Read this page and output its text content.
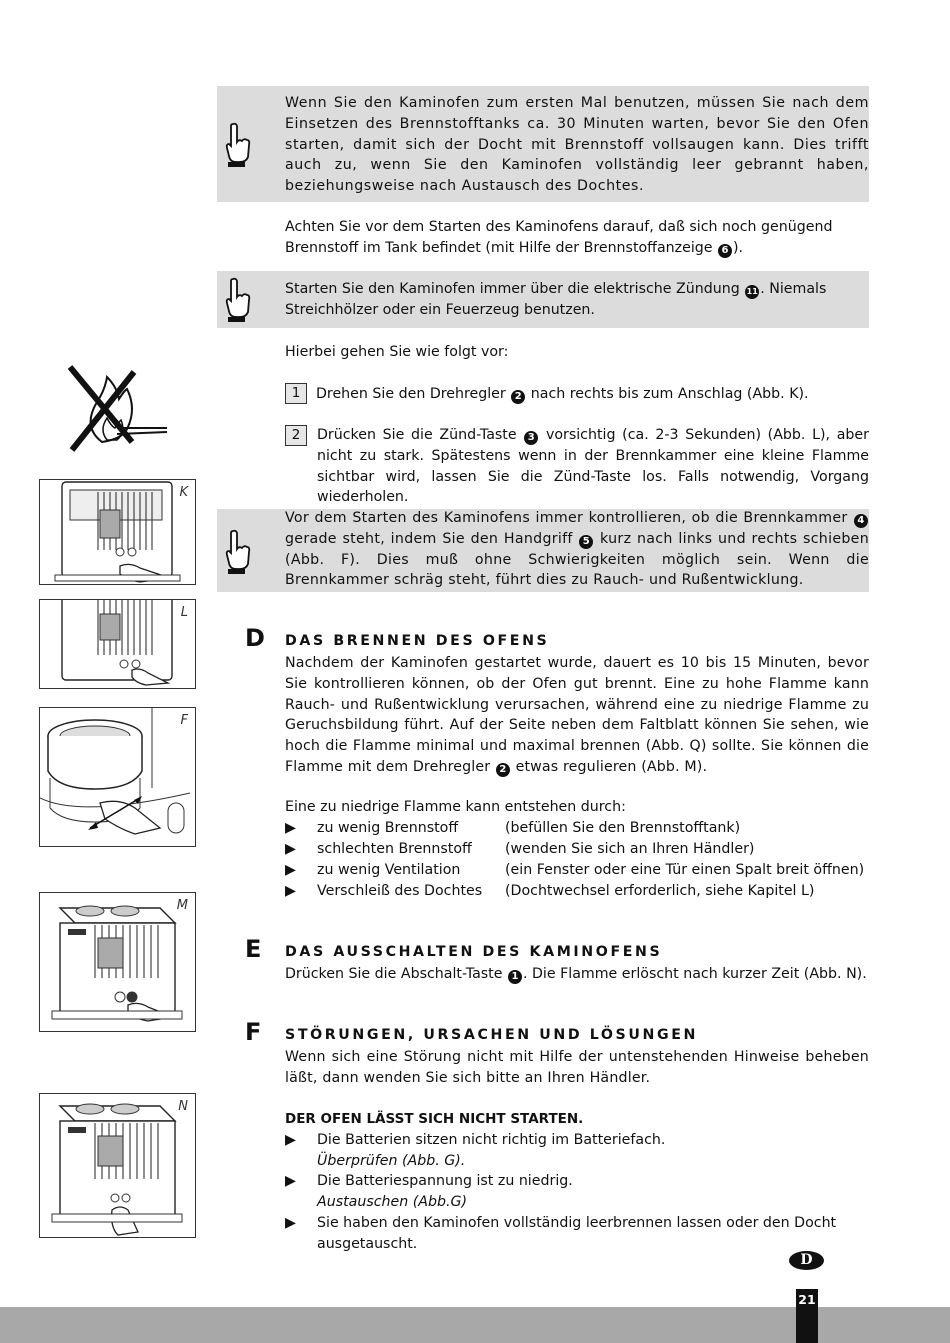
Wenn Sie den Kaminofen zum ersten Mal benutzen, müssen Sie nach dem Einsetzen des Brennstofftanks ca. 30 Minuten warten, bevor Sie den Ofen starten, damit sich der Docht mit Brennstoff vollsaugen kann. Dies trifft auch zu, wenn Sie den Kaminofen vollständig leer gebrannt haben, beziehungsweise nach Austausch des Dochtes.

Achten Sie vor dem Starten des Kaminofens darauf, daß sich noch genügend Brennstoff im Tank befindet (mit Hilfe der Brennstoffanzeige 6 ).

Starten Sie den Kaminofen immer über die elektrische Zündung 11 . Niemals Streichhölzer oder ein Feuerzeug benutzen.

Hierbei gehen Sie wie folgt vor:

1 Drehen Sie den Drehregler 2 nach rechts bis zum Anschlag (Abb. K).
2	Drücken Sie die Zünd-Taste 3 vorsichtig (ca. 2-3 Sekunden) (Abb. L), aber nicht zu stark. Spätestens wenn in der Brennkammer eine kleine Flamme sichtbar wird, lassen Sie die Zünd-Taste los. Falls notwendig, Vorgang wiederholen.

Vor dem Starten des Kaminofens immer kontrollieren, ob die Brennkammer 4 gerade steht, indem Sie den Handgriff 5 kurz nach links und rechts schieben (Abb. F). Dies muß ohne Schwierigkeiten möglich sein. Wenn die Brennkammer schräg steht, führt dies zu Rauch- und Rußentwicklung.

D DAS BRENNEN DES OFENS

Nachdem der Kaminofen gestartet wurde, dauert es 10 bis 15 Minuten, bevor Sie kontrollieren können, ob der Ofen gut brennt. Eine zu hohe Flamme kann Rauch- und Rußentwicklung verursachen, während eine zu niedrige Flamme zu Geruchsbildung führt. Auf der Seite neben dem Faltblatt können Sie sehen, wie hoch die Flamme minimal und maximal brennen (Abb. Q) sollte. Sie können die Flamme mit dem Drehregler 2 etwas regulieren (Abb. M).

Eine zu niedrige Flamme kann entstehen durch:

▶ zu wenig Brennstoff	(befüllen Sie den Brennstofftank)
▶ schlechten Brennstoff (wenden Sie sich an Ihren Händler)
▶ zu wenig Ventilation	(ein Fenster oder eine Tür einen Spalt breit öffnen)
▶ Verschleiß des Dochtes (Dochtwechsel erforderlich, siehe Kapitel L)
E DAS AUSSCHALTEN DES KAMINOFENS

Drücken Sie die Abschalt-Taste 1 . Die Flamme erlöscht nach kurzer Zeit (Abb. N).

F STÖRUNGEN, URSACHEN UND LÖSUNGEN

Wenn sich eine Störung nicht mit Hilfe der untenstehenden Hinweise beheben läßt, dann wenden Sie sich bitte an Ihren Händler.

DER OFEN LÄSST SICH NICHT STARTEN.

▶ Die Batterien sitzen nicht richtig im Batteriefach.

Überprüfen (Abb. G).

▶ Die Batteriespannung ist zu niedrig.

Austauschen (Abb.G)

▶ Sie haben den Kaminofen vollständig leerbrennen lassen oder den Docht ausgetauscht.

K
L
F
M
N
D
21
